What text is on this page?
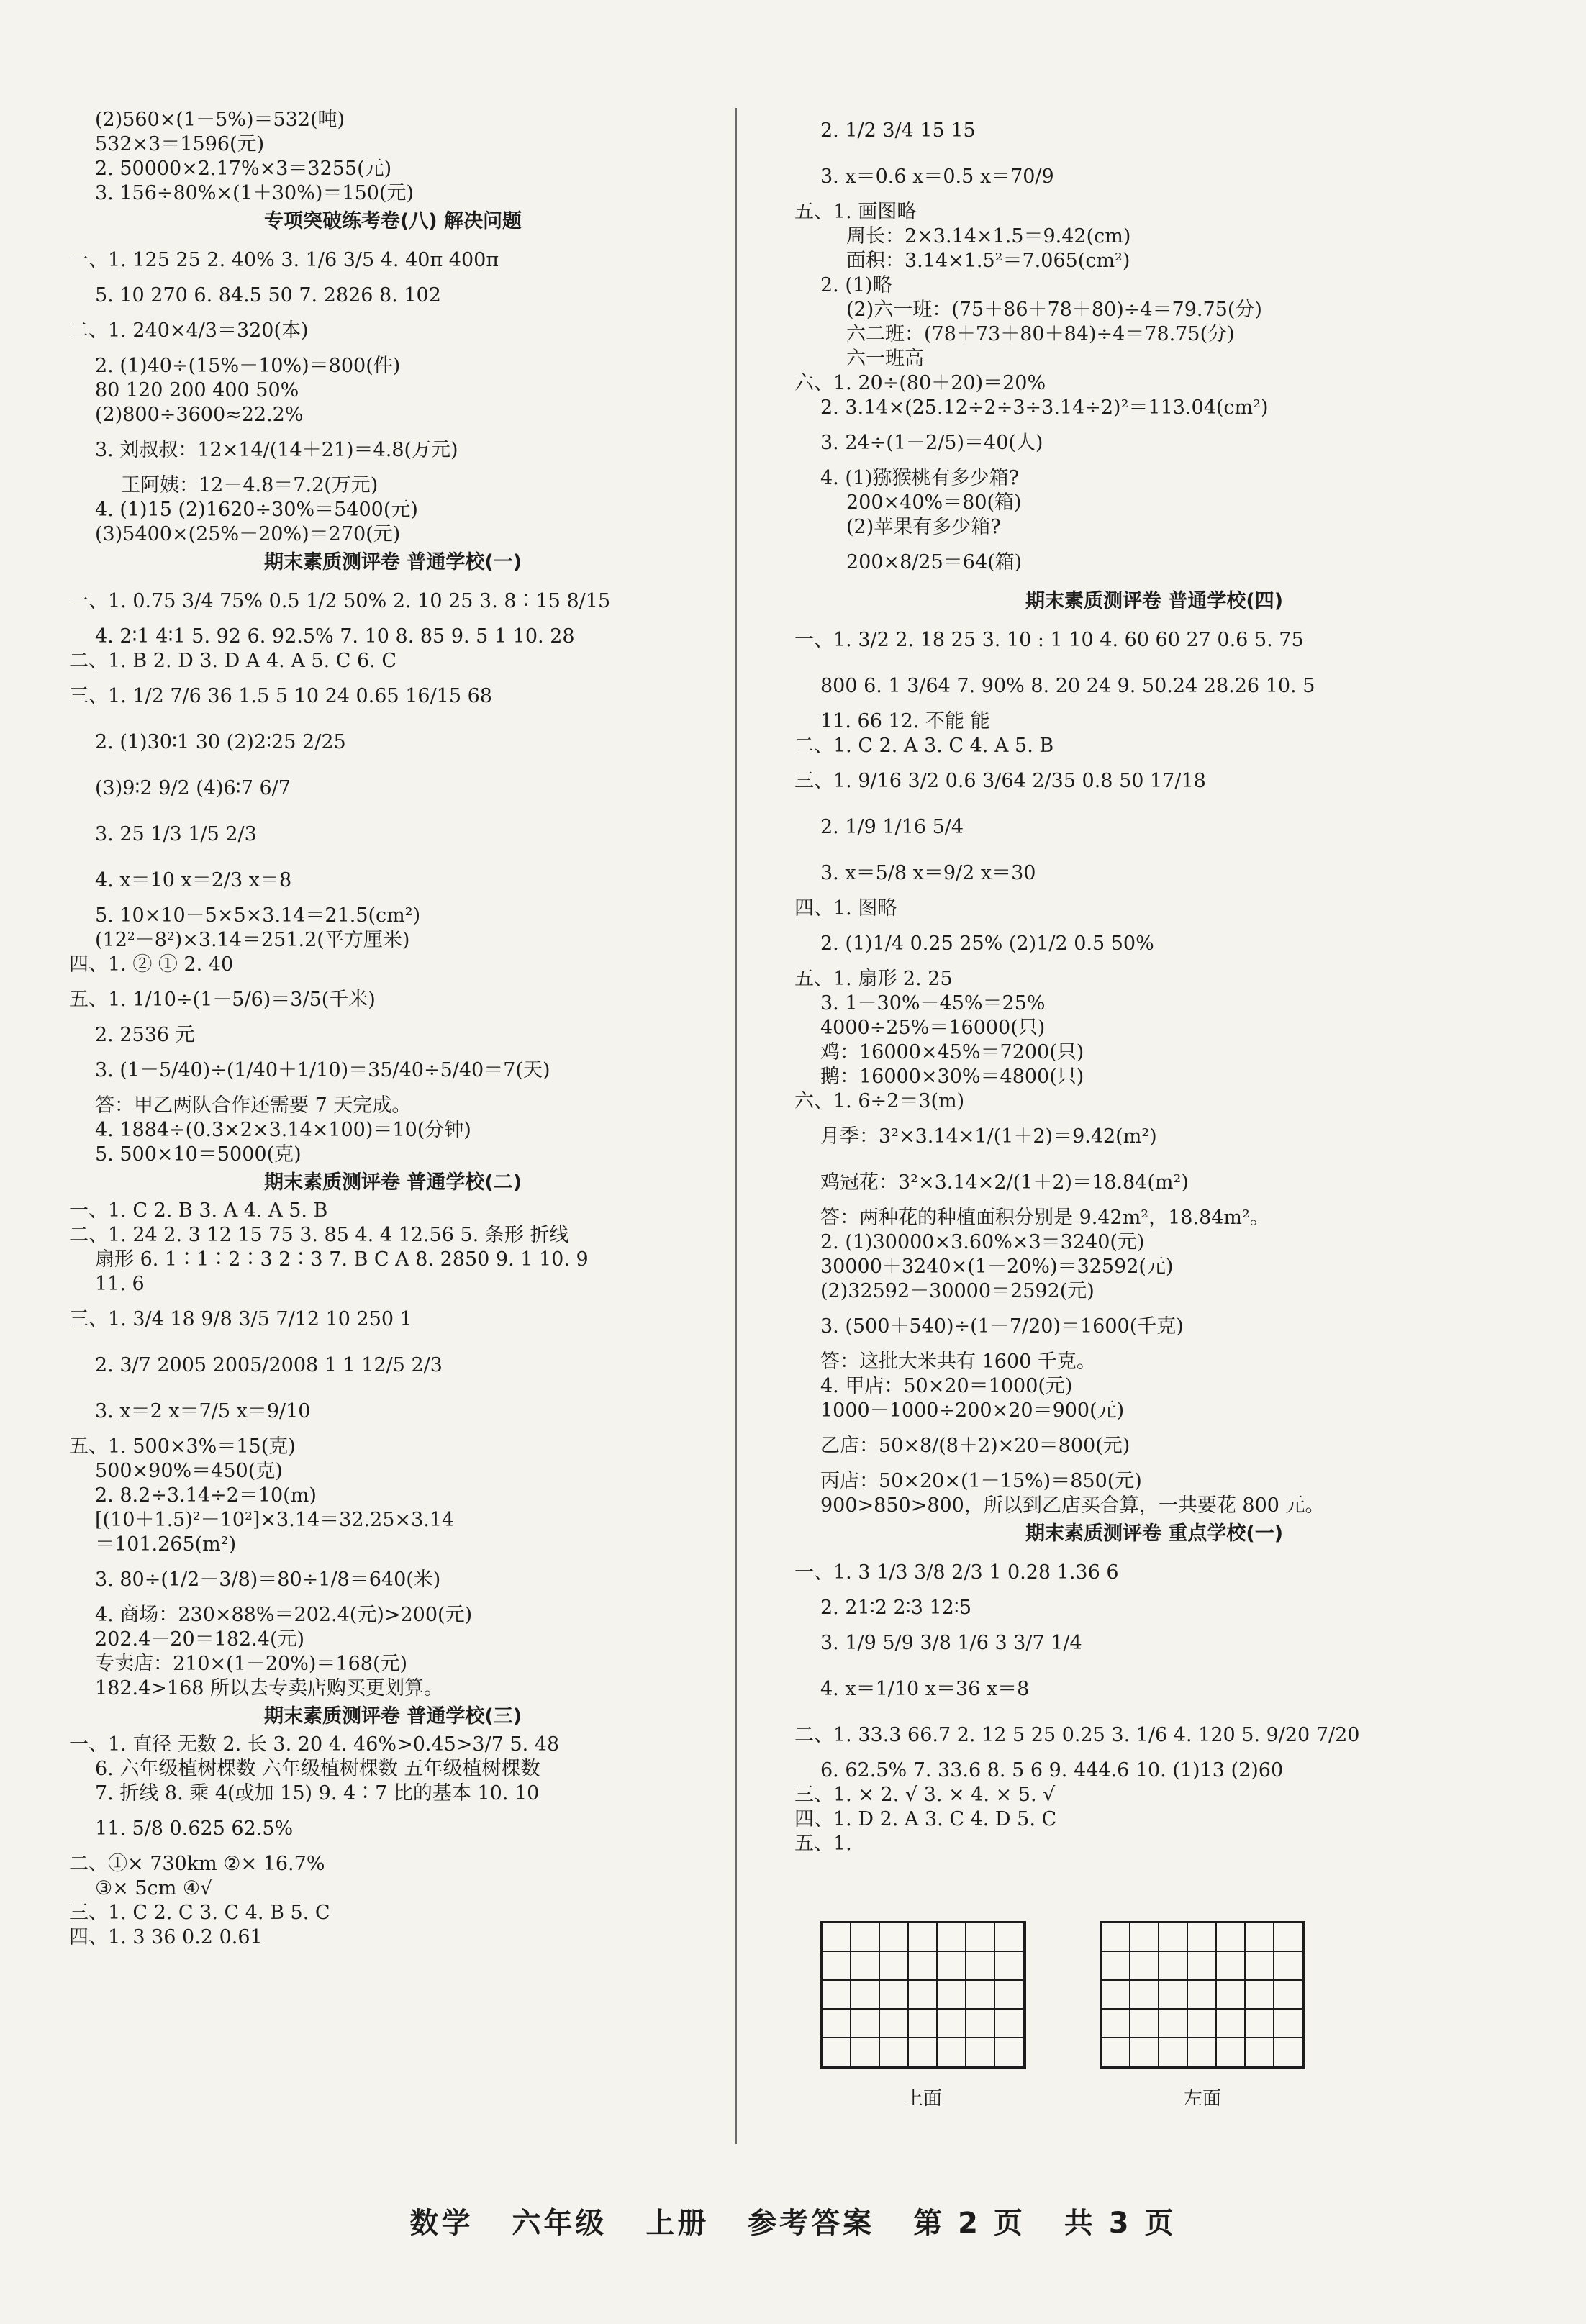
(2)560×(1－5%)＝532(吨)
532×3＝1596(元)
2. 50000×2.17%×3＝3255(元)
3. 156÷80%×(1＋30%)＝150(元)
专项突破练考卷(八) 解决问题
一、1. 125 25 2. 40% 3. 1/6 3/5 4. 40π 400π
5. 10 270 6. 84.5 50 7. 2826 8. 102
二、1. 240×4/3＝320(本)
2. (1)40÷(15%－10%)＝800(件)
80 120 200 400 50%
(2)800÷3600≈22.2%
3. 刘叔叔：12×14/(14＋21)＝4.8(万元)
王阿姨：12－4.8＝7.2(万元)
4. (1)15 (2)1620÷30%＝5400(元)
(3)5400×(25%－20%)＝270(元)
期末素质测评卷 普通学校(一)
一、1. 0.75 3/4 75% 0.5 1/2 50% 2. 10 25 3. 8∶15 8/15
4. 2∶1 4∶1 5. 92 6. 92.5% 7. 10 8. 85 9. 5 1 10. 28
二、1. B 2. D 3. D A 4. A 5. C 6. C
三、1. 1/2 7/6 36 1.5 5 10 24 0.65 16/15 68
2. (1)30∶1 30 (2)2∶25 2/25
(3)9∶2 9/2 (4)6∶7 6/7
3. 25 1/3 1/5 2/3
4. x＝10 x＝2/3 x＝8
5. 10×10－5×5×3.14＝21.5(cm²)
(12²－8²)×3.14＝251.2(平方厘米)
四、1. ② ① 2. 40
五、1. 1/10÷(1－5/6)＝3/5(千米)
2. 2536 元
3. (1－5/40)÷(1/40＋1/10)＝35/40÷5/40＝7(天)
答：甲乙两队合作还需要 7 天完成。
4. 1884÷(0.3×2×3.14×100)＝10(分钟)
5. 500×10＝5000(克)
期末素质测评卷 普通学校(二)
一、1. C 2. B 3. A 4. A 5. B
二、1. 24 2. 3 12 15 75 3. 85 4. 4 12.56 5. 条形 折线
扇形 6. 1∶1∶2∶3 2∶3 7. B C A 8. 2850 9. 1 10. 9
11. 6
三、1. 3/4 18 9/8 3/5 7/12 10 250 1
2. 3/7 2005 2005/2008 1 1 12/5 2/3
3. x＝2 x＝7/5 x＝9/10
五、1. 500×3%＝15(克)
500×90%＝450(克)
2. 8.2÷3.14÷2＝10(m)
[(10＋1.5)²－10²]×3.14＝32.25×3.14
＝101.265(m²)
3. 80÷(1/2－3/8)＝80÷1/8＝640(米)
4. 商场：230×88%＝202.4(元)>200(元)
202.4－20＝182.4(元)
专卖店：210×(1－20%)＝168(元)
182.4>168 所以去专卖店购买更划算。
期末素质测评卷 普通学校(三)
一、1. 直径 无数 2. 长 3. 20 4. 46%>0.45>3/7 5. 48
6. 六年级植树棵数 六年级植树棵数 五年级植树棵数
7. 折线 8. 乘 4(或加 15) 9. 4∶7 比的基本 10. 10
11. 5/8 0.625 62.5%
二、①× 730km ②× 16.7%
③× 5cm ④√
三、1. C 2. C 3. C 4. B 5. C
四、1. 3 36 0.2 0.61
2. 1/2 3/4 15 15
3. x＝0.6 x＝0.5 x＝70/9
五、1. 画图略
周长：2×3.14×1.5＝9.42(cm)
面积：3.14×1.5²＝7.065(cm²)
2. (1)略
(2)六一班：(75＋86＋78＋80)÷4＝79.75(分)
六二班：(78＋73＋80＋84)÷4＝78.75(分)
六一班高
六、1. 20÷(80＋20)＝20%
2. 3.14×(25.12÷2÷3÷3.14÷2)²＝113.04(cm²)
3. 24÷(1－2/5)＝40(人)
4. (1)猕猴桃有多少箱?
200×40%＝80(箱)
(2)苹果有多少箱?
200×8/25＝64(箱)
期末素质测评卷 普通学校(四)
一、1. 3/2 2. 18 25 3. 10 : 1 10 4. 60 60 27 0.6 5. 75
800 6. 1 3/64 7. 90% 8. 20 24 9. 50.24 28.26 10. 5
11. 66 12. 不能 能
二、1. C 2. A 3. C 4. A 5. B
三、1. 9/16 3/2 0.6 3/64 2/35 0.8 50 17/18
2. 1/9 1/16 5/4
3. x＝5/8 x＝9/2 x＝30
四、1. 图略
2. (1)1/4 0.25 25% (2)1/2 0.5 50%
五、1. 扇形 2. 25
3. 1－30%－45%＝25%
4000÷25%＝16000(只)
鸡：16000×45%＝7200(只)
鹅：16000×30%＝4800(只)
六、1. 6÷2＝3(m)
月季：3²×3.14×1/(1＋2)＝9.42(m²)
鸡冠花：3²×3.14×2/(1＋2)＝18.84(m²)
答：两种花的种植面积分别是 9.42m²，18.84m²。
2. (1)30000×3.60%×3＝3240(元)
30000＋3240×(1－20%)＝32592(元)
(2)32592－30000＝2592(元)
3. (500＋540)÷(1－7/20)＝1600(千克)
答：这批大米共有 1600 千克。
4. 甲店：50×20＝1000(元)
1000－1000÷200×20＝900(元)
乙店：50×8/(8＋2)×20＝800(元)
丙店：50×20×(1－15%)＝850(元)
900>850>800，所以到乙店买合算，一共要花 800 元。
期末素质测评卷 重点学校(一)
一、1. 3 1/3 3/8 2/3 1 0.28 1.36 6
2. 21∶2 2∶3 12∶5
3. 1/9 5/9 3/8 1/6 3 3/7 1/4
4. x＝1/10 x＝36 x＝8
二、1. 33.3 66.7 2. 12 5 25 0.25 3. 1/6 4. 120 5. 9/20 7/20
6. 62.5% 7. 33.6 8. 5 6 9. 444.6 10. (1)13 (2)60
三、1. × 2. √ 3. × 4. × 5. √
四、1. D 2. A 3. C 4. D 5. C
五、1.
上面	左面
数学 六年级 上册 参考答案 第 2 页 共 3 页
